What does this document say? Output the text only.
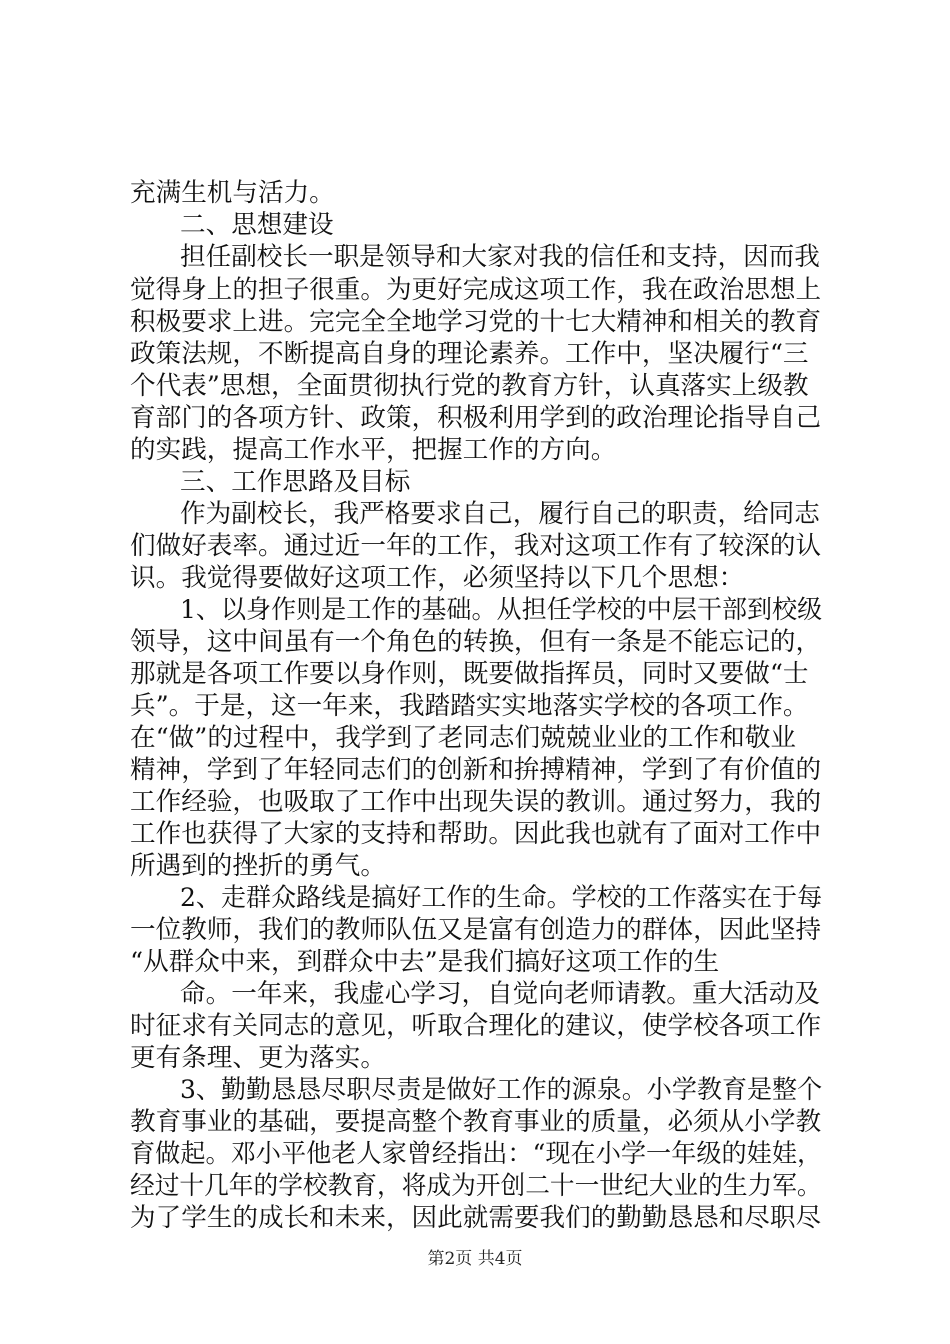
充满生机与活力。
二、思想建设
担任副校长一职是领导和大家对我的信任和支持，因而我
觉得身上的担子很重。为更好完成这项工作，我在政治思想上
积极要求上进。完完全全地学习党的十七大精神和相关的教育
政策法规，不断提高自身的理论素养。工作中，坚决履行“三
个代表”思想，全面贯彻执行党的教育方针，认真落实上级教
育部门的各项方针、政策，积极利用学到的政治理论指导自己
的实践，提高工作水平，把握工作的方向。
三、工作思路及目标
作为副校长，我严格要求自己，履行自己的职责，给同志
们做好表率。通过近一年的工作，我对这项工作有了较深的认
识。我觉得要做好这项工作，必须坚持以下几个思想：
1、以身作则是工作的基础。从担任学校的中层干部到校级
领导，这中间虽有一个角色的转换，但有一条是不能忘记的，
那就是各项工作要以身作则，既要做指挥员，同时又要做“士
兵”。于是，这一年来，我踏踏实实地落实学校的各项工作。
在“做”的过程中，我学到了老同志们兢兢业业的工作和敬业
精神，学到了年轻同志们的创新和拚搏精神，学到了有价值的
工作经验，也吸取了工作中出现失误的教训。通过努力，我的
工作也获得了大家的支持和帮助。因此我也就有了面对工作中
所遇到的挫折的勇气。
2、走群众路线是搞好工作的生命。学校的工作落实在于每
一位教师，我们的教师队伍又是富有创造力的群体，因此坚持
“从群众中来，到群众中去”是我们搞好这项工作的生
命。一年来，我虚心学习，自觉向老师请教。重大活动及
时征求有关同志的意见，听取合理化的建议，使学校各项工作
更有条理、更为落实。
3、勤勤恳恳尽职尽责是做好工作的源泉。小学教育是整个
教育事业的基础，要提高整个教育事业的质量，必须从小学教
育做起。邓小平他老人家曾经指出：“现在小学一年级的娃娃，
经过十几年的学校教育，将成为开创二十一世纪大业的生力军。
为了学生的成长和未来，因此就需要我们的勤勤恳恳和尽职尽
第2页 共4页
